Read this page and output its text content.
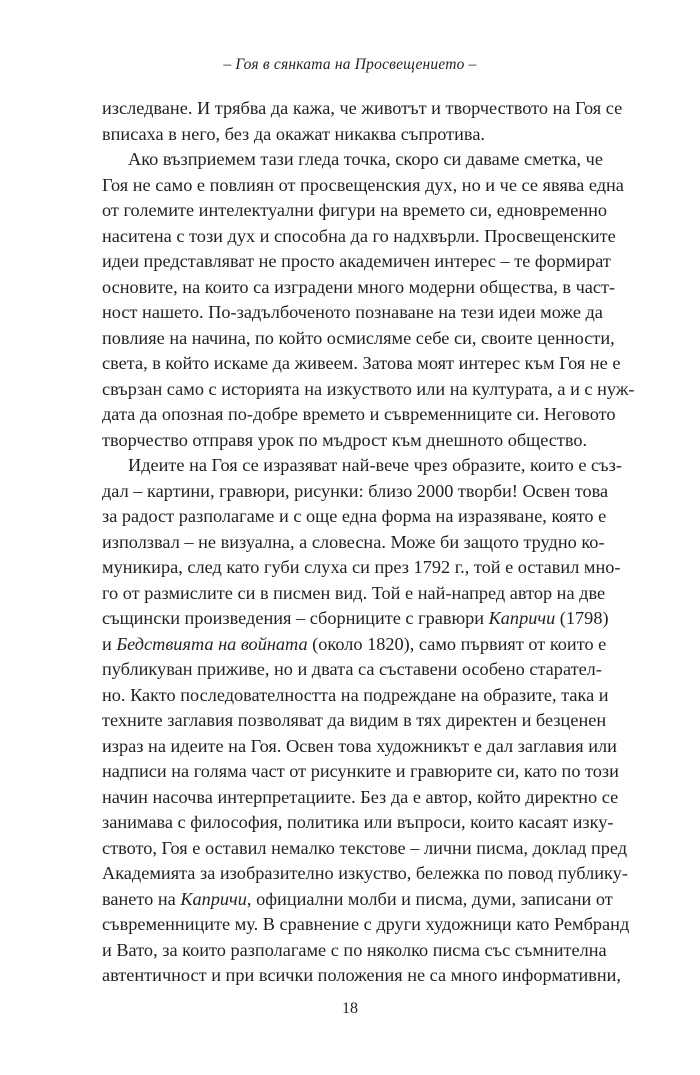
– Гоя в сянката на Просвещението –
изследване. И трябва да кажа, че животът и творчеството на Гоя се
вписаха в него, без да окажат никаква съпротива.
Ако възприемем тази гледа точка, скоро си даваме сметка, че
Гоя не само е повлиян от просвещенския дух, но и че се явява една
от големите интелектуални фигури на времето си, едновременно
наситена с този дух и способна да го надхвърли. Просвещенските
идеи представляват не просто академичен интерес – те формират
основите, на които са изградени много модерни общества, в част-
ност нашето. По-задълбоченото познаване на тези идеи може да
повлияе на начина, по който осмисляме себе си, своите ценности,
света, в който искаме да живеем. Затова моят интерес към Гоя не е
свързан само с историята на изкуството или на културата, а и с нуж-
дата да опозная по-добре времето и съвременниците си. Неговото
творчество отправя урок по мъдрост към днешното общество.
Идеите на Гоя се изразяват най-вече чрез образите, които е съз-
дал – картини, гравюри, рисунки: близо 2000 творби! Освен това
за радост разполагаме и с още една форма на изразяване, която е
използвал – не визуална, а словесна. Може би защото трудно ко-
муникира, след като губи слуха си през 1792 г., той е оставил мно-
го от размислите си в писмен вид. Той е най-напред автор на две
същински произведения – сборниците с гравюри Капричи (1798)
и Бедствията на войната (около 1820), само първият от които е
публикуван приживе, но и двата са съставени особено старател-
но. Както последователността на подреждане на образите, така и
техните заглавия позволяват да видим в тях директен и безценен
израз на идеите на Гоя. Освен това художникът е дал заглавия или
надписи на голяма част от рисунките и гравюрите си, като по този
начин насочва интерпретациите. Без да е автор, който директно се
занимава с философия, политика или въпроси, които касаят изку-
ството, Гоя е оставил немалко текстове – лични писма, доклад пред
Академията за изобразително изкуство, бележка по повод публику-
ването на Капричи, официални молби и писма, думи, записани от
съвременниците му. В сравнение с други художници като Рембранд
и Вато, за които разполагаме с по няколко писма със съмнителна
автентичност и при всички положения не са много информативни,
18
